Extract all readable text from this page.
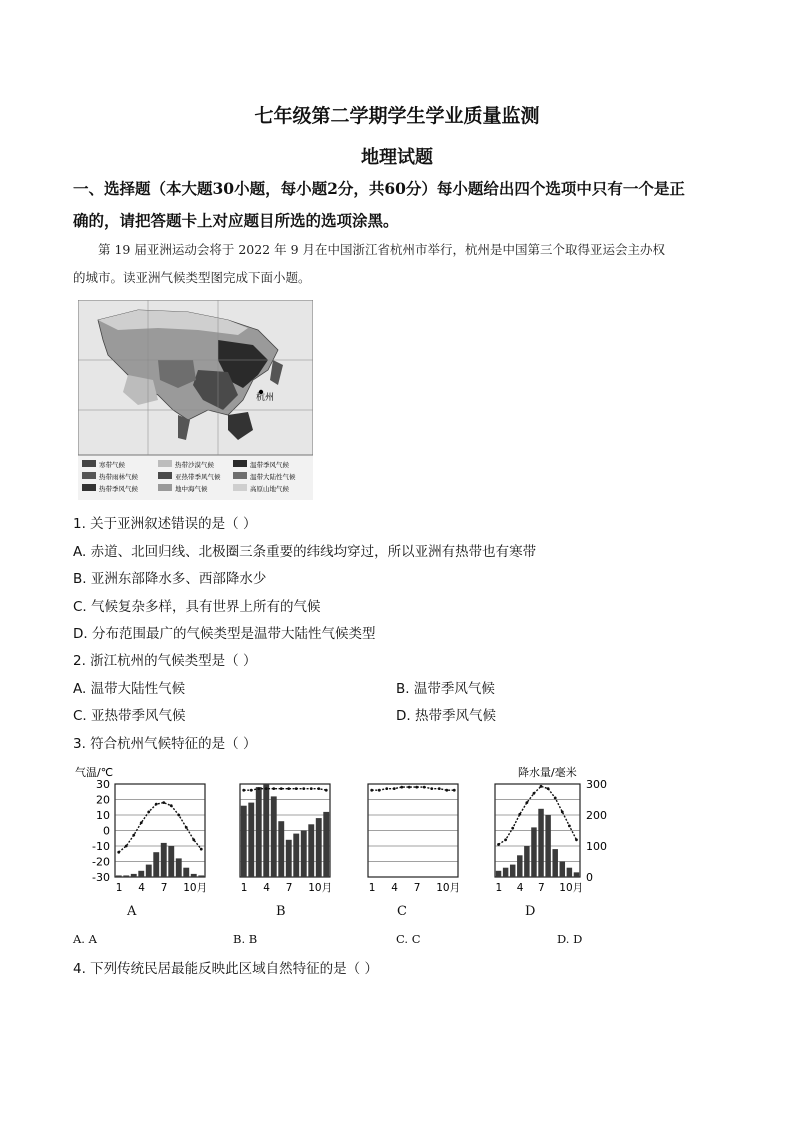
七年级第二学期学生学业质量监测
地理试题
一、选择题（本大题30小题，每小题2分，共60分）每小题给出四个选项中只有一个是正
确的，请把答题卡上对应题目所选的选项涂黑。
第 19 届亚洲运动会将于 2022 年 9 月在中国浙江省杭州市举行，杭州是中国第三个取得亚运会主办权
的城市。读亚洲气候类型图完成下面小题。
杭州
寒带气候	热带沙漠气候	温带季风气候
热带雨林气候	亚热带季风气候	温带大陆性气候
热带季风气候	地中海气候	高原山地气候
1. 关于亚洲叙述错误的是（ ）
A. 赤道、北回归线、北极圈三条重要的纬线均穿过，所以亚洲有热带也有寒带
B. 亚洲东部降水多、西部降水少
C. 气候复杂多样，具有世界上所有的气候
D. 分布范围最广的气候类型是温带大陆性气候类型
2. 浙江杭州的气候类型是（ ）
A. 温带大陆性气候	B. 温带季风气候
C. 亚热带季风气候	D. 热带季风气候
3. 符合杭州气候特征的是（ ）
气温/℃	降水量/毫米
30
20
10
0
-10
-20
-30
300
200
100
0
1 4 7 10月	1 4 7 10月	1 4 7 10月	1 4 7 10月
A	B	C	D
A. A	B. B	C. C	D. D
4. 下列传统民居最能反映此区域自然特征的是（ ）
